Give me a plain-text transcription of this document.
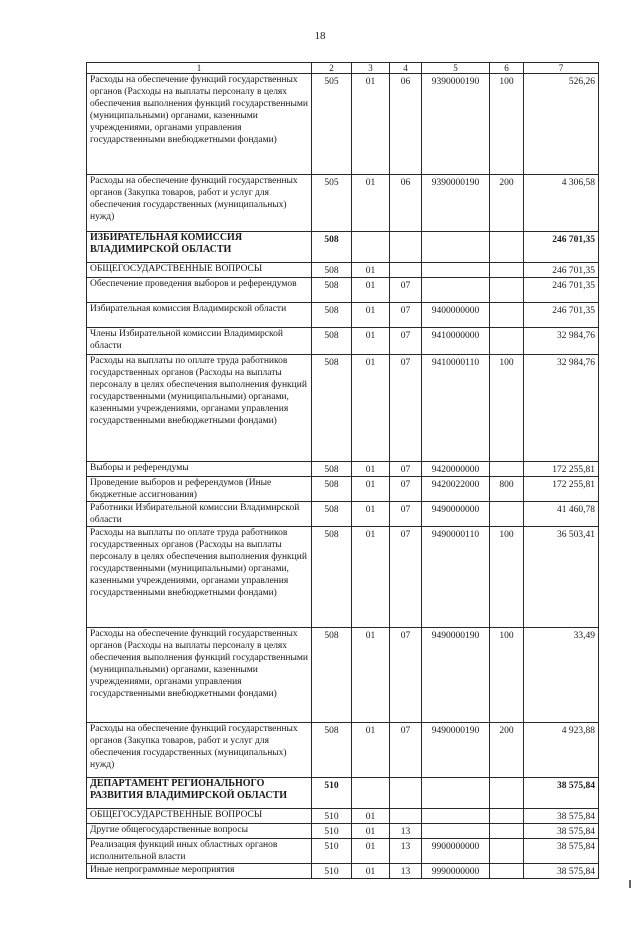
18
1	2	3	4	5	6	7
Расходы на обеспечение функций государственных органов (Расходы на выплаты персоналу в целях обеспечения выполнения функций государственными (муниципальными) органами, казенными учреждениями, органами управления государственными внебюджетными фондами)	505	01	06	9390000190	100	526,26
Расходы на обеспечение функций государственных органов (Закупка товаров, работ и услуг для обеспечения государственных (муниципальных) нужд)	505	01	06	9390000190	200	4 306,58
ИЗБИРАТЕЛЬНАЯ КОМИССИЯ ВЛАДИМИРСКОЙ ОБЛАСТИ	508					246 701,35
ОБЩЕГОСУДАРСТВЕННЫЕ ВОПРОСЫ	508	01				246 701,35
Обеспечение проведения выборов и референдумов	508	01	07			246 701,35
Избирательная комиссия Владимирской области	508	01	07	9400000000		246 701,35
Члены Избирательной комиссии Владимирской области	508	01	07	9410000000		32 984,76
Расходы на выплаты по оплате труда работников государственных органов (Расходы на выплаты персоналу в целях обеспечения выполнения функций государственными (муниципальными) органами, казенными учреждениями, органами управления государственными внебюджетными фондами)	508	01	07	9410000110	100	32 984,76
Выборы и референдумы	508	01	07	9420000000		172 255,81
Проведение выборов и референдумов (Иные бюджетные ассигнования)	508	01	07	9420022000	800	172 255,81
Работники Избирательной комиссии Владимирской области	508	01	07	9490000000		41 460,78
Расходы на выплаты по оплате труда работников государственных органов (Расходы на выплаты персоналу в целях обеспечения выполнения функций государственными (муниципальными) органами, казенными учреждениями, органами управления государственными внебюджетными фондами)	508	01	07	9490000110	100	36 503,41
Расходы на обеспечение функций государственных органов (Расходы на выплаты персоналу в целях обеспечения выполнения функций государственными (муниципальными) органами, казенными учреждениями, органами управления государственными внебюджетными фондами)	508	01	07	9490000190	100	33,49
Расходы на обеспечение функций государственных органов (Закупка товаров, работ и услуг для обеспечения государственных (муниципальных) нужд)	508	01	07	9490000190	200	4 923,88
ДЕПАРТАМЕНТ РЕГИОНАЛЬНОГО РАЗВИТИЯ ВЛАДИМИРСКОЙ ОБЛАСТИ	510					38 575,84
ОБЩЕГОСУДАРСТВЕННЫЕ ВОПРОСЫ	510	01				38 575,84
Другие общегосударственные вопросы	510	01	13			38 575,84
Реализация функций иных областных органов исполнительной власти	510	01	13	9900000000		38 575,84
Иные непрограммные мероприятия	510	01	13	9990000000		38 575,84
